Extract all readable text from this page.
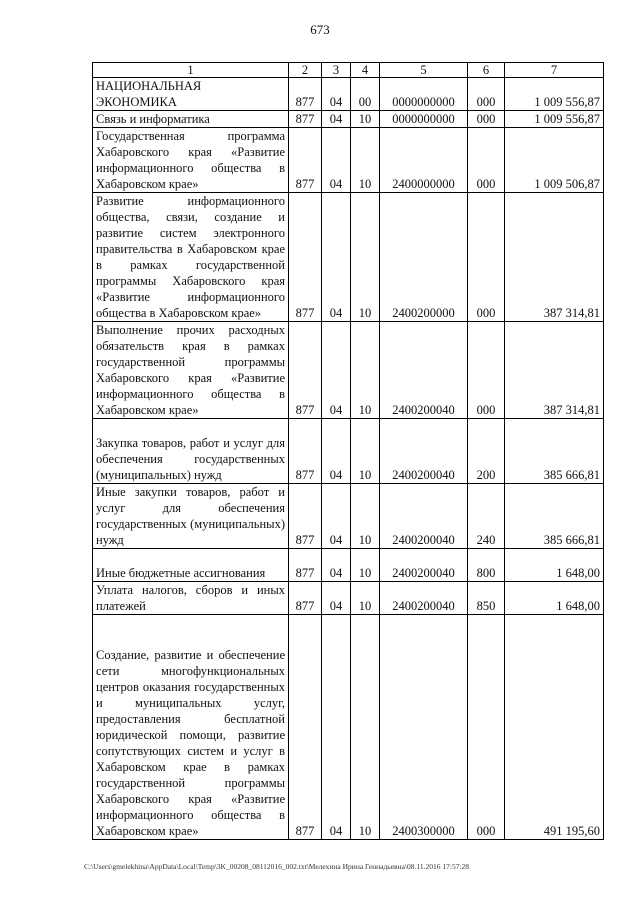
673
1	2	3	4	5	6	7
НАЦИОНАЛЬНАЯ ЭКОНОМИКА	877	04	00	0000000000	000	1 009 556,87
Связь и информатика	877	04	10	0000000000	000	1 009 556,87
Государственная программа Хабаровского края «Развитие информационного общества в Хабаровском крае»	877	04	10	2400000000	000	1 009 506,87
Развитие информационного общества, связи, создание и развитие систем электронного правительства в Хабаровском крае в рамках государственной программы Хабаровского края «Развитие информационного общества в Хабаровском крае»	877	04	10	2400200000	000	387 314,81
Выполнение прочих расходных обязательств края в рамках государственной программы Хабаровского края «Развитие информационного общества в Хабаровском крае»	877	04	10	2400200040	000	387 314,81
Закупка товаров, работ и услуг для обеспечения государственных (муниципальных) нужд	877	04	10	2400200040	200	385 666,81
Иные закупки товаров, работ и услуг для обеспечения государственных (муниципальных) нужд	877	04	10	2400200040	240	385 666,81
Иные бюджетные ассигнования	877	04	10	2400200040	800	1 648,00
Уплата налогов, сборов и иных платежей	877	04	10	2400200040	850	1 648,00
Создание, развитие и обеспечение сети многофункциональных центров оказания государственных и муниципальных услуг, предоставления бесплатной юридической помощи, развитие сопутствующих систем и услуг в Хабаровском крае в рамках государственной программы Хабаровского края «Развитие информационного общества в Хабаровском крае»	877	04	10	2400300000	000	491 195,60
C:\Users\gmelekhina\AppData\Local\Temp\3K_00208_08112016_002.txt\Мелехина Ирина Геннадьевна\08.11.2016 17:57:28
